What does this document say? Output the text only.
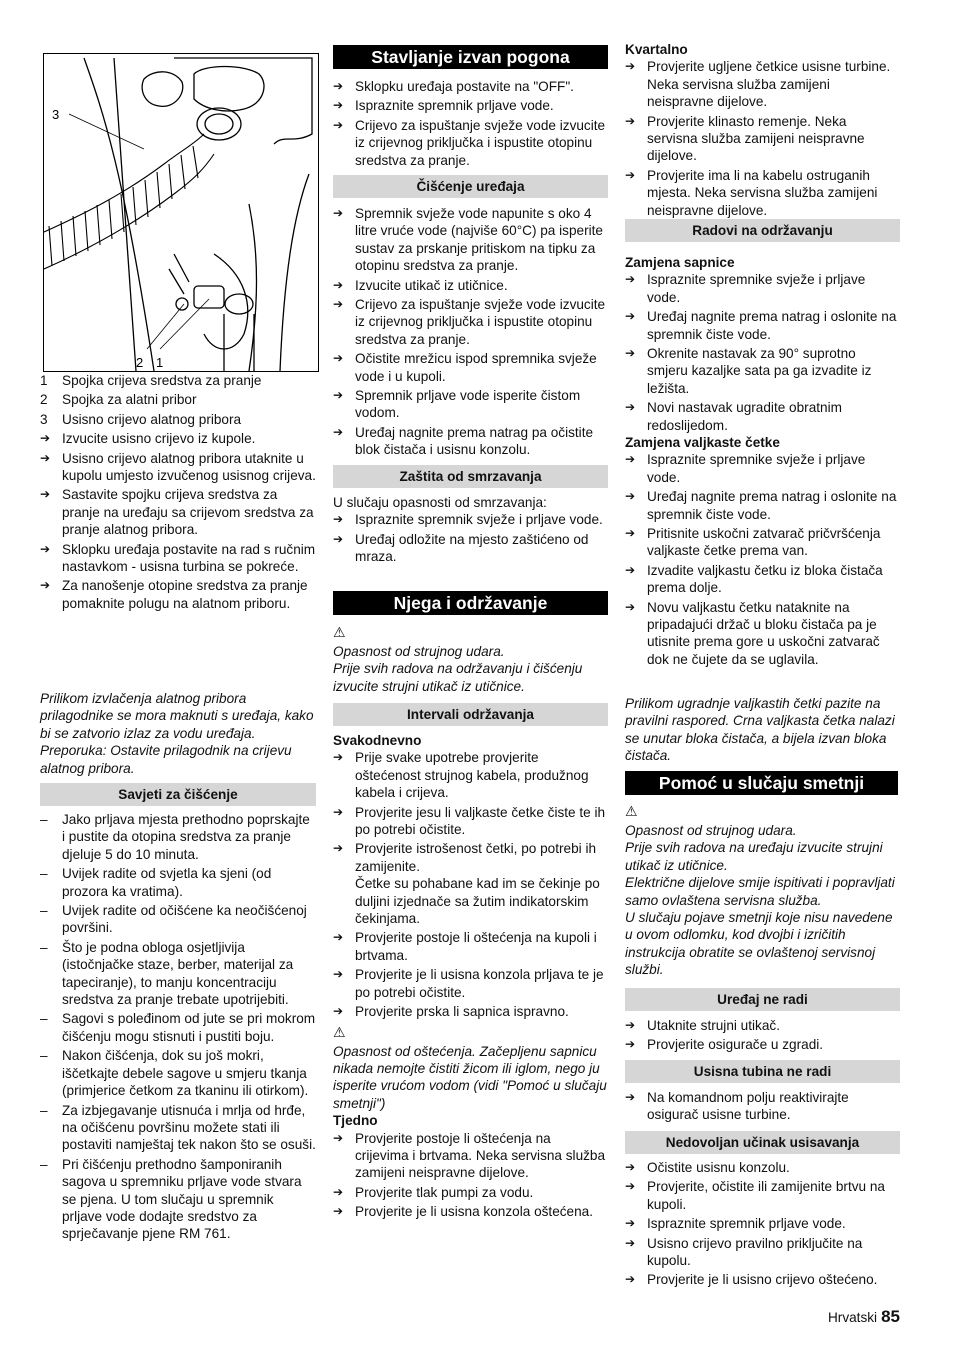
3
2 1

1 Spojka crijeva sredstva za pranje

2 Spojka za alatni pribor

3 Usisno crijevo alatnog pribora

➔ Izvucite usisno crijevo iz kupole.

➔ Usisno crijevo alatnog pribora utaknite u kupolu umjesto izvučenog usisnog crijeva.

➔ Sastavite spojku crijeva sredstva za pranje na uređaju sa crijevom sredstva za pranje alatnog pribora.

➔ Sklopku uređaja postavite na rad s ručnim nastavkom - usisna turbina se pokreće.

➔ Za nanošenje otopine sredstva za pranje pomaknite polugu na alatnom priboru.

Prilikom izvlačenja alatnog pribora prilagodnike se mora maknuti s uređaja, kako bi se zatvorio izlaz za vodu uređaja. Preporuka: Ostavite prilagodnik na crijevu alatnog pribora.

Savjeti za čišćenje

– Jako prljava mjesta prethodno poprskajte i pustite da otopina sredstva za pranje djeluje 5 do 10 minuta.

– Uvijek radite od svjetla ka sjeni (od prozora ka vratima).

– Uvijek radite od očišćene ka neočišćenoj površini.

– Što je podna obloga osjetljivija (istočnjačke staze, berber, materijal za tapeciranje), to manju koncentraciju sredstva za pranje trebate upotrijebiti.

– Sagovi s poleđinom od jute se pri mokrom čišćenju mogu stisnuti i pustiti boju.

– Nakon čišćenja, dok su još mokri, iščetkajte debele sagove u smjeru tkanja (primjerice četkom za tkaninu ili otirkom).

– Za izbjegavanje utisnuća i mrlja od hrđe, na očišćenu površinu možete stati ili postaviti namještaj tek nakon što se osuši.

– Pri čišćenju prethodno šamponiranih sagova u spremniku prljave vode stvara se pjena. U tom slučaju u spremnik prljave vode dodajte sredstvo za sprječavanje pjene RM 761.

Stavljanje izvan pogona

➔ Sklopku uređaja postavite na "OFF".

➔ Ispraznite spremnik prljave vode.

➔ Crijevo za ispuštanje svježe vode izvucite iz crijevnog priključka i ispustite otopinu sredstva za pranje.

Čišćenje uređaja

➔ Spremnik svježe vode napunite s oko 4 litre vruće vode (najviše 60°C) pa isperite sustav za prskanje pritiskom na tipku za otopinu sredstva za pranje.

➔ Izvucite utikač iz utičnice.

➔ Crijevo za ispuštanje svježe vode izvucite iz crijevnog priključka i ispustite otopinu sredstva za pranje.

➔ Očistite mrežicu ispod spremnika svježe vode i u kupoli.

➔ Spremnik prljave vode isperite čistom vodom.

➔ Uređaj nagnite prema natrag pa očistite blok čistača i usisnu konzolu.

Zaštita od smrzavanja

U slučaju opasnosti od smrzavanja:

➔ Ispraznite spremnik svježe i prljave vode.

➔ Uređaj odložite na mjesto zaštićeno od mraza.

Njega i održavanje
⚠

Opasnost od strujnog udara.

Prije svih radova na održavanju i čišćenju izvucite strujni utikač iz utičnice.

Intervali održavanja

Svakodnevno

➔ Prije svake upotrebe provjerite oštećenost strujnog kabela, produžnog kabela i crijeva.

➔ Provjerite jesu li valjkaste četke čiste te ih po potrebi očistite.

➔ Provjerite istrošenost četki, po potrebi ih zamijenite.

Četke su pohabane kad im se čekinje po duljini izjednače sa žutim indikatorskim čekinjama.

➔ Provjerite postoje li oštećenja na kupoli i brtvama.

➔ Provjerite je li usisna konzola prljava te je po potrebi očistite.

➔ Provjerite prska li sapnica ispravno.

⚠

Opasnost od oštećenja. Začepljenu sapnicu nikada nemojte čistiti žicom ili iglom, nego ju isperite vrućom vodom (vidi "Pomoć u slučaju smetnji")

Tjedno

➔ Provjerite postoje li oštećenja na crijevima i brtvama. Neka servisna služba zamijeni neispravne dijelove.

➔ Provjerite tlak pumpi za vodu.

➔ Provjerite je li usisna konzola oštećena.

Kvartalno

➔ Provjerite ugljene četkice usisne turbine. Neka servisna služba zamijeni neispravne dijelove.

➔ Provjerite klinasto remenje. Neka servisna služba zamijeni neispravne dijelove.

➔ Provjerite ima li na kabelu ostruganih mjesta. Neka servisna služba zamijeni neispravne dijelove.

Radovi na održavanju

Zamjena sapnice

➔ Ispraznite spremnike svježe i prljave vode.

➔ Uređaj nagnite prema natrag i oslonite na spremnik čiste vode.

➔ Okrenite nastavak za 90° suprotno smjeru kazaljke sata pa ga izvadite iz ležišta.

➔ Novi nastavak ugradite obratnim redoslijedom.

Zamjena valjkaste četke

➔ Ispraznite spremnike svježe i prljave vode.

➔ Uređaj nagnite prema natrag i oslonite na spremnik čiste vode.

➔ Pritisnite uskočni zatvarač pričvršćenja valjkaste četke prema van.

➔ Izvadite valjkastu četku iz bloka čistača prema dolje.

➔ Novu valjkastu četku nataknite na pripadajući držač u bloku čistača pa je utisnite prema gore u uskočni zatvarač dok ne čujete da se uglavila.

Prilikom ugradnje valjkastih četki pazite na pravilni raspored. Crna valjkasta četka nalazi se unutar bloka čistača, a bijela izvan bloka čistača.

Pomoć u slučaju smetnji
⚠

Opasnost od strujnog udara.
Prije svih radova na uređaju izvucite strujni utikač iz utičnice.
Električne dijelove smije ispitivati i popravljati samo ovlaštena servisna služba.
U slučaju pojave smetnji koje nisu navedene u ovom odlomku, kod dvojbi i izričitih instrukcija obratite se ovlaštenoj servisnoj službi.

Uređaj ne radi

➔ Utaknite strujni utikač.

➔ Provjerite osigurače u zgradi.

Usisna tubina ne radi

➔ Na komandnom polju reaktivirajte osigurač usisne turbine.

Nedovoljan učinak usisavanja

➔ Očistite usisnu konzolu.

➔ Provjerite, očistite ili zamijenite brtvu na kupoli.

➔ Ispraznite spremnik prljave vode.

➔ Usisno crijevo pravilno priključite na kupolu.

➔ Provjerite je li usisno crijevo oštećeno.

Hrvatski 85
